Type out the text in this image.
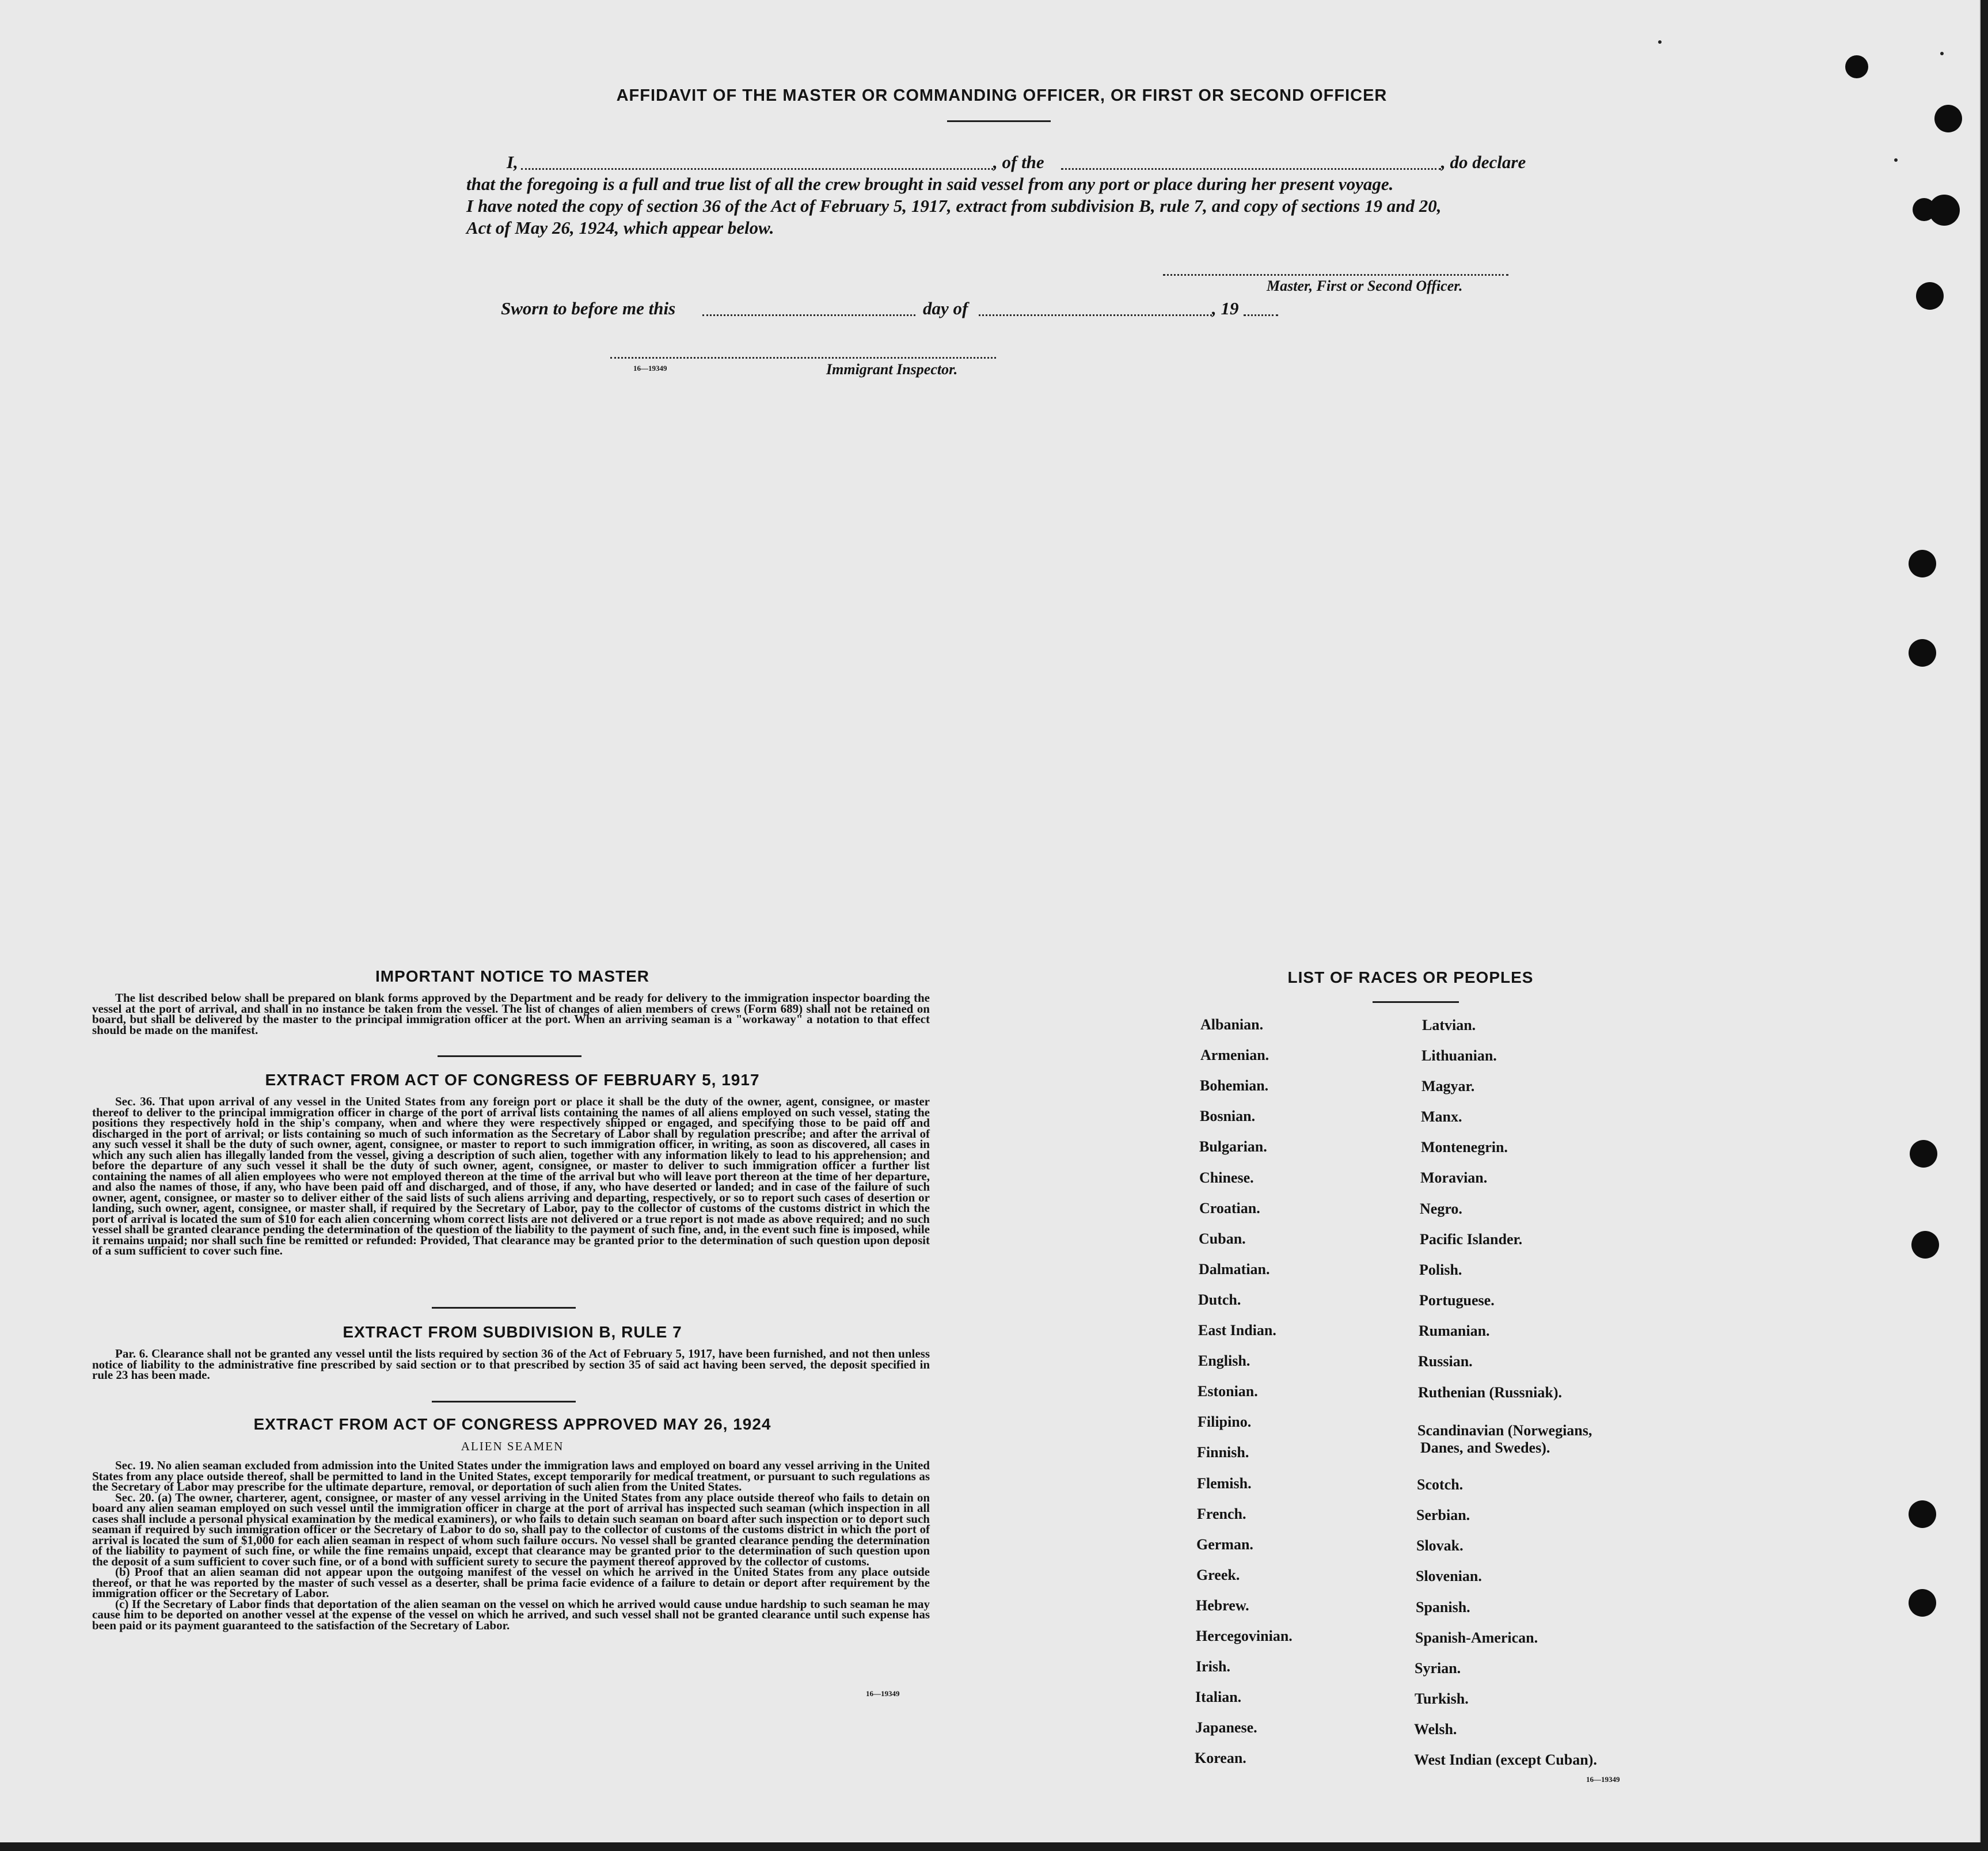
AFFIDAVIT OF THE MASTER OR COMMANDING OFFICER, OR FIRST OR SECOND OFFICER
I,	, of the	, do declare
that the foregoing is a full and true list of all the crew brought in said vessel from any port or place during her present voyage.
I have noted the copy of section 36 of the Act of February 5, 1917, extract from subdivision B, rule 7, and copy of sections 19 and 20,
Act of May 26, 1924, which appear below.
Master, First or Second Officer.
Sworn to before me this	day of	, 19
16—19349	Immigrant Inspector.
IMPORTANT NOTICE TO MASTER

The list described below shall be prepared on blank forms approved by the Department and be ready for delivery to the immigration inspector boarding the vessel at the port of arrival, and shall in no instance be taken from the vessel. The list of changes of alien members of crews (Form 689) shall not be retained on board, but shall be delivered by the master to the principal immigration officer at the port. When an arriving seaman is a "workaway" a notation to that effect should be made on the manifest.

EXTRACT FROM ACT OF CONGRESS OF FEBRUARY 5, 1917

Sec. 36. That upon arrival of any vessel in the United States from any foreign port or place it shall be the duty of the owner, agent, consignee, or master thereof to deliver to the principal immigration officer in charge of the port of arrival lists containing the names of all aliens employed on such vessel, stating the positions they respectively hold in the ship's company, when and where they were respectively shipped or engaged, and specifying those to be paid off and discharged in the port of arrival; or lists containing so much of such information as the Secretary of Labor shall by regulation prescribe; and after the arrival of any such vessel it shall be the duty of such owner, agent, consignee, or master to report to such immigration officer, in writing, as soon as discovered, all cases in which any such alien has illegally landed from the vessel, giving a description of such alien, together with any information likely to lead to his apprehension; and before the departure of any such vessel it shall be the duty of such owner, agent, consignee, or master to deliver to such immigration officer a further list containing the names of all alien employees who were not employed thereon at the time of the arrival but who will leave port thereon at the time of her departure, and also the names of those, if any, who have been paid off and discharged, and of those, if any, who have deserted or landed; and in case of the failure of such owner, agent, consignee, or master so to deliver either of the said lists of such aliens arriving and departing, respectively, or so to report such cases of desertion or landing, such owner, agent, consignee, or master shall, if required by the Secretary of Labor, pay to the collector of customs of the customs district in which the port of arrival is located the sum of $10 for each alien concerning whom correct lists are not delivered or a true report is not made as above required; and no such vessel shall be granted clearance pending the determination of the question of the liability to the payment of such fine, and, in the event such fine is imposed, while it remains unpaid; nor shall such fine be remitted or refunded: Provided, That clearance may be granted prior to the determination of such question upon deposit of a sum sufficient to cover such fine.

EXTRACT FROM SUBDIVISION B, RULE 7

Par. 6. Clearance shall not be granted any vessel until the lists required by section 36 of the Act of February 5, 1917, have been furnished, and not then unless notice of liability to the administrative fine prescribed by said section or to that prescribed by section 35 of said act having been served, the deposit specified in rule 23 has been made.

EXTRACT FROM ACT OF CONGRESS APPROVED MAY 26, 1924
ALIEN SEAMEN

Sec. 19. No alien seaman excluded from admission into the United States under the immigration laws and employed on board any vessel arriving in the United States from any place outside thereof, shall be permitted to land in the United States, except temporarily for medical treatment, or pursuant to such regulations as the Secretary of Labor may prescribe for the ultimate departure, removal, or deportation of such alien from the United States.

Sec. 20. (a) The owner, charterer, agent, consignee, or master of any vessel arriving in the United States from any place outside thereof who fails to detain on board any alien seaman employed on such vessel until the immigration officer in charge at the port of arrival has inspected such seaman (which inspection in all cases shall include a personal physical examination by the medical examiners), or who fails to detain such seaman on board after such inspection or to deport such seaman if required by such immigration officer or the Secretary of Labor to do so, shall pay to the collector of customs of the customs district in which the port of arrival is located the sum of $1,000 for each alien seaman in respect of whom such failure occurs. No vessel shall be granted clearance pending the determination of the liability to payment of such fine, or while the fine remains unpaid, except that clearance may be granted prior to the determination of such question upon the deposit of a sum sufficient to cover such fine, or of a bond with sufficient surety to secure the payment thereof approved by the collector of customs.

(b) Proof that an alien seaman did not appear upon the outgoing manifest of the vessel on which he arrived in the United States from any place outside thereof, or that he was reported by the master of such vessel as a deserter, shall be prima facie evidence of a failure to detain or deport after requirement by the immigration officer or the Secretary of Labor.

(c) If the Secretary of Labor finds that deportation of the alien seaman on the vessel on which he arrived would cause undue hardship to such seaman he may cause him to be deported on another vessel at the expense of the vessel on which he arrived, and such vessel shall not be granted clearance until such expense has been paid or its payment guaranteed to the satisfaction of the Secretary of Labor.

16—19349
LIST OF RACES OR PEOPLES
16—19349
Albanian.
Armenian.
Bohemian.
Bosnian.
Bulgarian.
Chinese.
Croatian.
Cuban.
Dalmatian.
Dutch.
East Indian.
English.
Estonian.
Filipino.
Finnish.
Flemish.
French.
German.
Greek.
Hebrew.
Hercegovinian.
Irish.
Italian.
Japanese.
Korean.
Latvian.
Lithuanian.
Magyar.
Manx.
Montenegrin.
Moravian.
Negro.
Pacific Islander.
Polish.
Portuguese.
Rumanian.
Russian.
Ruthenian (Russniak).
Scandinavian (Norwegians,
Danes, and Swedes).
Scotch.
Serbian.
Slovak.
Slovenian.
Spanish.
Spanish-American.
Syrian.
Turkish.
Welsh.
West Indian (except Cuban).
